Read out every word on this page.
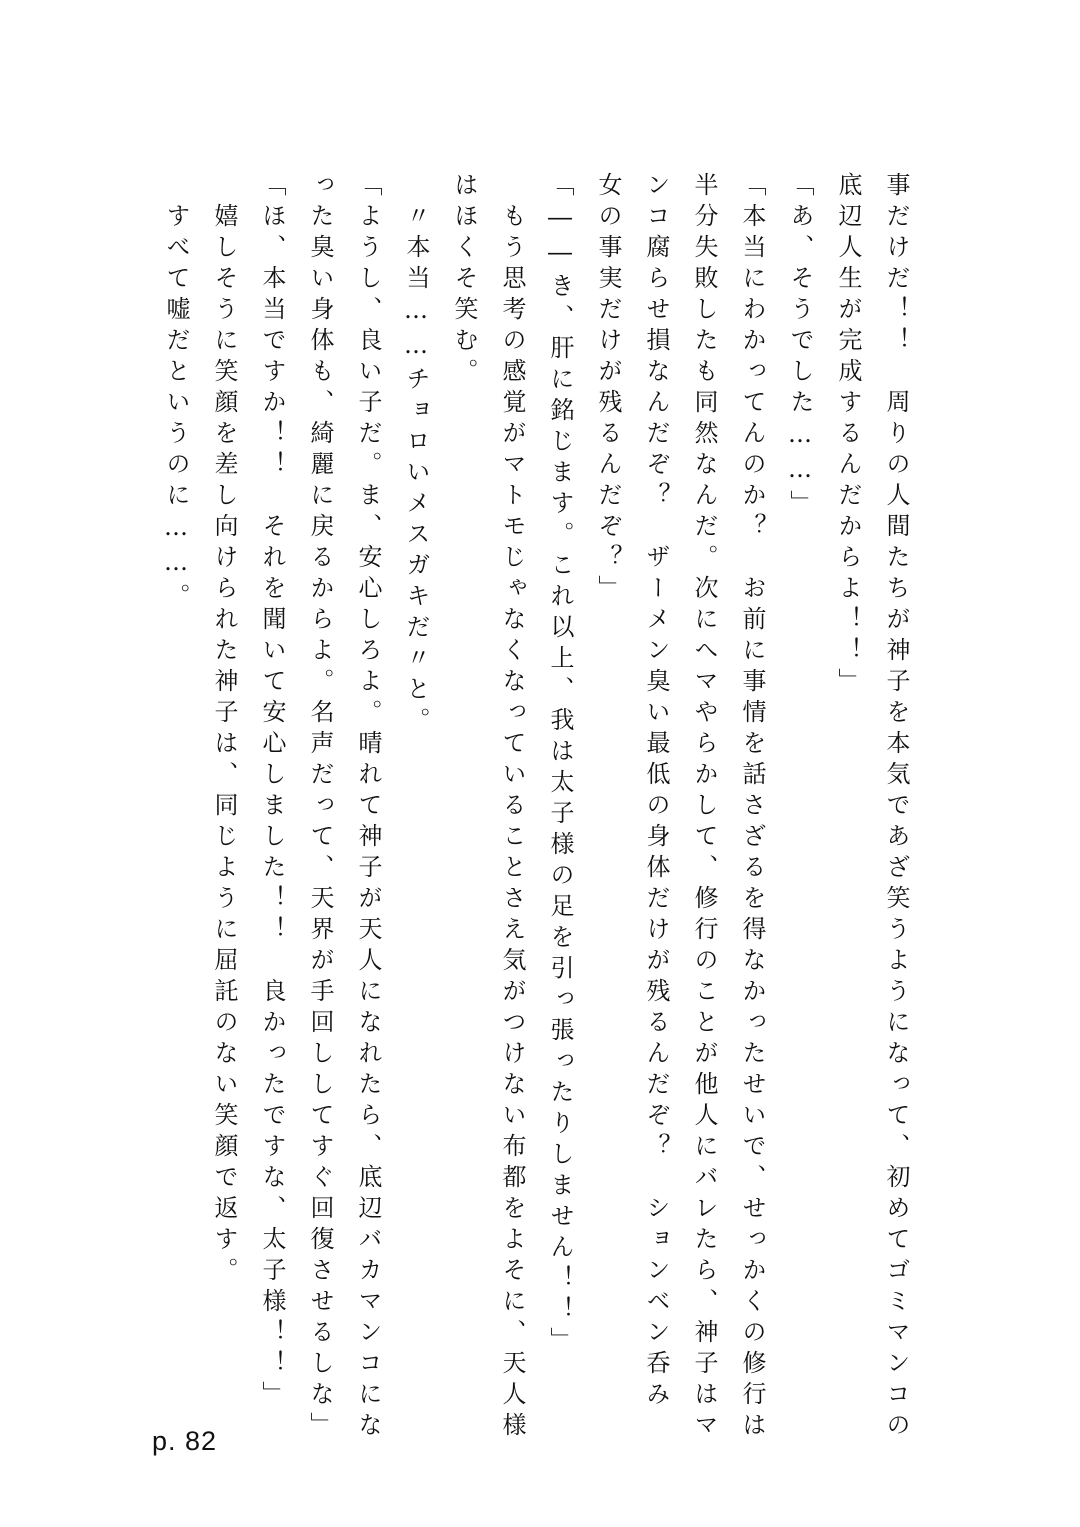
事だけだ！！　周りの人間たちが神子を本気であざ笑うようになって、初めてゴミマンコの

底辺人生が完成するんだからよ！！」

「あ、そうでした……」

「本当にわかってんのか？　お前に事情を話さざるを得なかったせいで、せっかくの修行は

半分失敗したも同然なんだ。次にへマやらかして、修行のことが他人にバレたら、神子はマ

ンコ腐らせ損なんだぞ？　ザーメン臭い最低の身体だけが残るんだぞ？　ションベン呑み

女の事実だけが残るんだぞ？」

「――き、肝に銘じます。これ以上、我は太子様の足を引っ張ったりしません！！」

　もう思考の感覚がマトモじゃなくなっていることさえ気がつけない布都をよそに、天人様

はほくそ笑む。

　〃本当……チョロいメスガキだ〃と。

「ようし、良い子だ。ま、安心しろよ。晴れて神子が天人になれたら、底辺バカマンコにな

った臭い身体も、綺麗に戻るからよ。名声だって、天界が手回ししてすぐ回復させるしな」

「ほ、本当ですか！！　それを聞いて安心しました！！　良かったですな、太子様！！」

　嬉しそうに笑顔を差し向けられた神子は、同じように屈託のない笑顔で返す。

　すべて嘘だというのに……。

p. 82
